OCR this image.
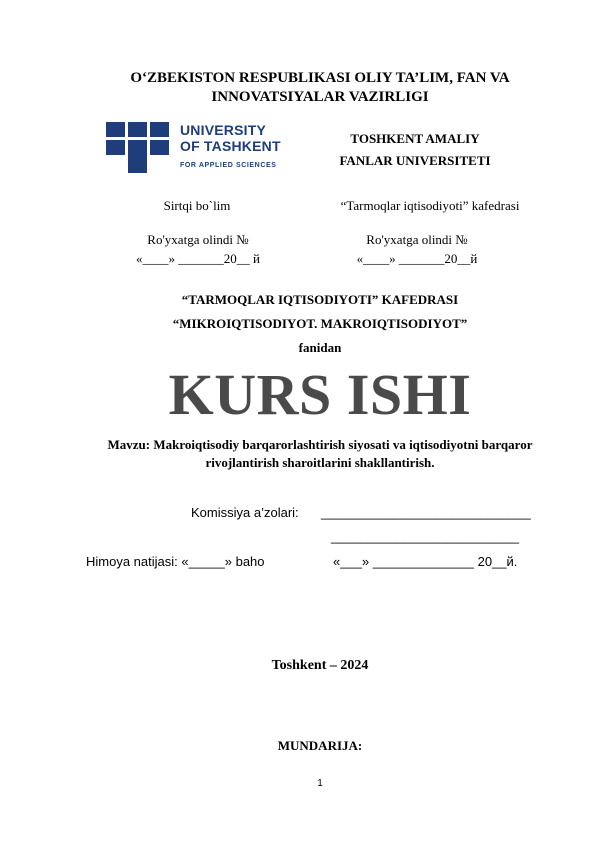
O‘ZBEKISTON RESPUBLIKASI OLIY TA’LIM, FAN VA INNOVATSIYALAR VAZIRLIGI
UNIVERSITY
OF TASHKENT
FOR APPLIED SCIENCES
TOSHKENT AMALIY
FANLAR UNIVERSITETI
Sirtqi bo`lim	“Tarmoqlar iqtisodiyoti” kafedrasi
Ro'yxatga olindi №
«____» _______20__ й
Ro'yxatga olindi №
«____» _______20__й
“TARMOQLAR IQTISODIYOTI” KAFEDRASI
“MIKROIQTISODIYOT. MAKROIQTISODIYOT”
fanidan
KURS ISHI
Mavzu: Makroiqtisodiy barqarorlashtirish siyosati va iqtisodiyotni barqaror
rivojlantirish sharoitlarini shakllantirish.
Komissiya a’zolari: _____________________________
__________________________
Himoya natijasi: «_____» baho	«___» ______________ 20__й.
Toshkent – 2024
MUNDARIJA:
1
